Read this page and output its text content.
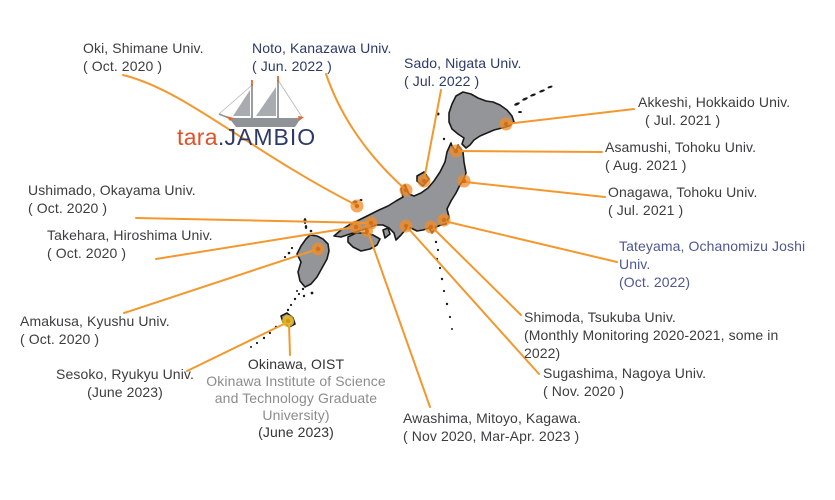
tara.JAMBIO
Oki, Shimane Univ.
( Oct. 2020 )
Noto, Kanazawa Univ.
( Jun. 2022 )	Sado, Nigata Univ.
( Jul. 2022 )
Akkeshi, Hokkaido Univ.
( Jul. 2021 )
Asamushi, Tohoku Univ.
( Aug. 2021 )
Onagawa, Tohoku Univ.
( Jul. 2021 )
Tateyama, Ochanomizu Joshi
Univ.
(Oct. 2022)
Shimoda, Tsukuba Univ.
(Monthly Monitoring 2020-2021, some in
2022)
Sugashima, Nagoya Univ.
( Nov. 2020 )
Awashima, Mitoyo, Kagawa.
( Nov 2020, Mar-Apr. 2023 )
Ushimado, Okayama Univ.
( Oct. 2020 )
Takehara, Hiroshima Univ.
( Oct. 2020 )
Amakusa, Kyushu Univ.
( Oct. 2020 )
Sesoko, Ryukyu Univ.
(June 2023)
Okinawa, OIST
Okinawa Institute of Science
and Technology Graduate
University)
(June 2023)
